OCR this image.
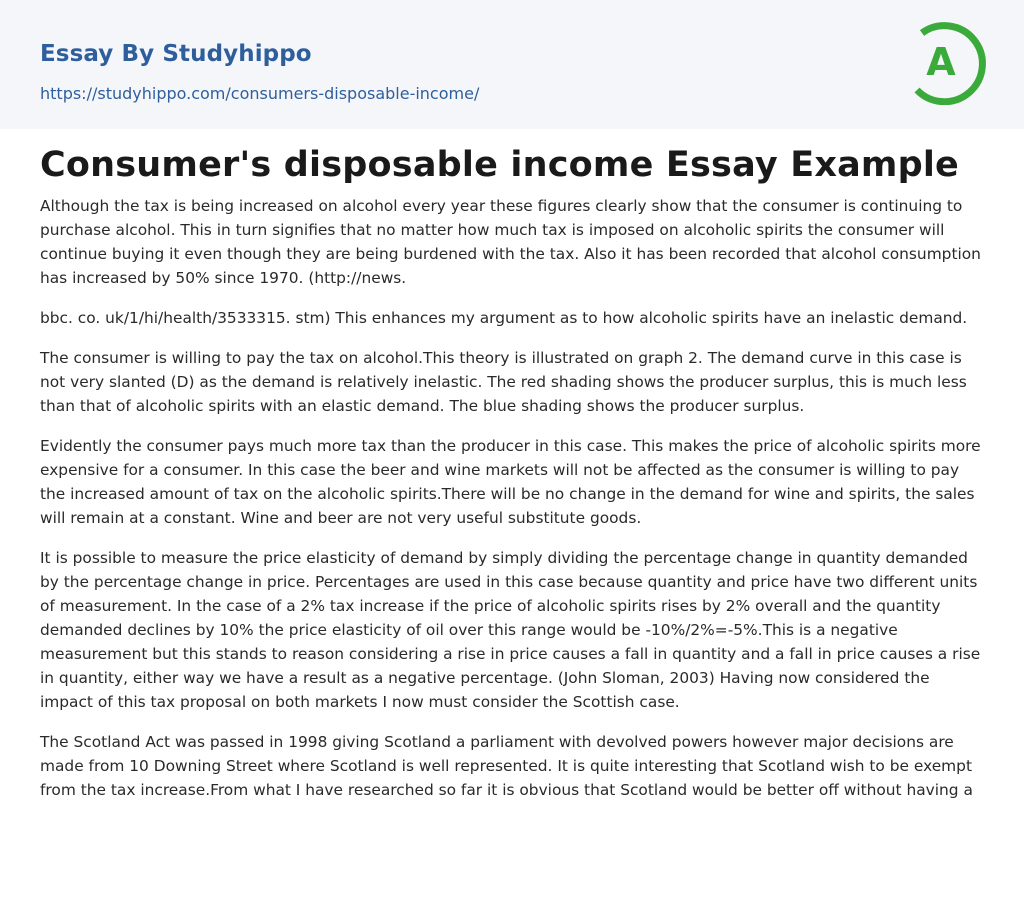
Essay By Studyhippo
https://studyhippo.com/consumers-disposable-income/
A
Consumer's disposable income Essay Example

Although the tax is being increased on alcohol every year these figures clearly show that the consumer is continuing to purchase alcohol. This in turn signifies that no matter how much tax is imposed on alcoholic spirits the consumer will continue buying it even though they are being burdened with the tax. Also it has been recorded that alcohol consumption has increased by 50% since 1970. (http://news.

bbc. co. uk/1/hi/health/3533315. stm) This enhances my argument as to how alcoholic spirits have an inelastic demand.

The consumer is willing to pay the tax on alcohol.This theory is illustrated on graph 2. The demand curve in this case is not very slanted (D) as the demand is relatively inelastic. The red shading shows the producer surplus, this is much less than that of alcoholic spirits with an elastic demand. The blue shading shows the producer surplus.

Evidently the consumer pays much more tax than the producer in this case. This makes the price of alcoholic spirits more expensive for a consumer. In this case the beer and wine markets will not be affected as the consumer is willing to pay the increased amount of tax on the alcoholic spirits.There will be no change in the demand for wine and spirits, the sales will remain at a constant. Wine and beer are not very useful substitute goods.

It is possible to measure the price elasticity of demand by simply dividing the percentage change in quantity demanded by the percentage change in price. Percentages are used in this case because quantity and price have two different units of measurement. In the case of a 2% tax increase if the price of alcoholic spirits rises by 2% overall and the quantity demanded declines by 10% the price elasticity of oil over this range would be -10%/2%=-5%.This is a negative measurement but this stands to reason considering a rise in price causes a fall in quantity and a fall in price causes a rise in quantity, either way we have a result as a negative percentage. (John Sloman, 2003) Having now considered the impact of this tax proposal on both markets I now must consider the Scottish case.

The Scotland Act was passed in 1998 giving Scotland a parliament with devolved powers however major decisions are made from 10 Downing Street where Scotland is well represented. It is quite interesting that Scotland wish to be exempt from the tax increase.From what I have researched so far it is obvious that Scotland would be better off without having a
